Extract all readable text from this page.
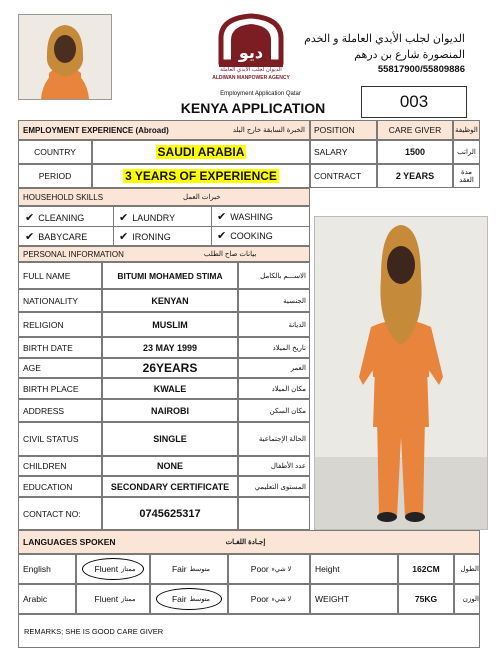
ديو
الديوان لجلب الأيدي العاملة
ALDIWAN MANPOWER AGENCY
Employment Application Qatar
KENYA APPLICATION
الديوان لجلب الأيدي العاملة و الخدم
المنصورة شارع بن درهم
55817900/55809886
003
EMPLOYMENT EXPERIENCE (Abroad)	الخبرة السابقة خارج البلد POSITION	CARE GIVER الوظيفة
COUNTRY	SAUDI ARABIA	SALARY	1500	الراتب
PERIOD	3 YEARS OF EXPERIENCE	CONTRACT	2 YEARS	مدة العقد
HOUSEHOLD SKILLS	خبرات العمل
✔ CLEANING	✔ LAUNDRY	✔ WASHING
✔ BABYCARE	✔ IRONING	✔ COOKING
PERSONAL INFORMATION	بيانات صاح الطلب
FULL NAME	BITUMI MOHAMED STIMA	الاســـم بالكامل
NATIONALITY	KENYAN	الجنسية
RELIGION	MUSLIM	الديانة
BIRTH DATE	23 MAY 1999	تاريخ الميلاد
AGE	26YEARS	العمر
BIRTH PLACE	KWALE	مكان الميلاد
ADDRESS	NAIROBI	مكان السكن
CIVIL STATUS	SINGLE	الحالة الإجتماعية
CHILDREN	NONE	عدد الأطفال
EDUCATION	SECONDARY CERTIFICATE	المستوى التعليمي
CONTACT NO:	0745625317
LANGUAGES SPOKEN	إجـادة اللغـات
English	Fluent ممتاز	Fair متوسط	Poor لا شيء	Height	162CM	الطول
Arabic	Fluent ممتاز	Fair متوسط	Poor لا شيء	WEIGHT	75KG	الوزن
REMARKS; SHE IS GOOD CARE GIVER
